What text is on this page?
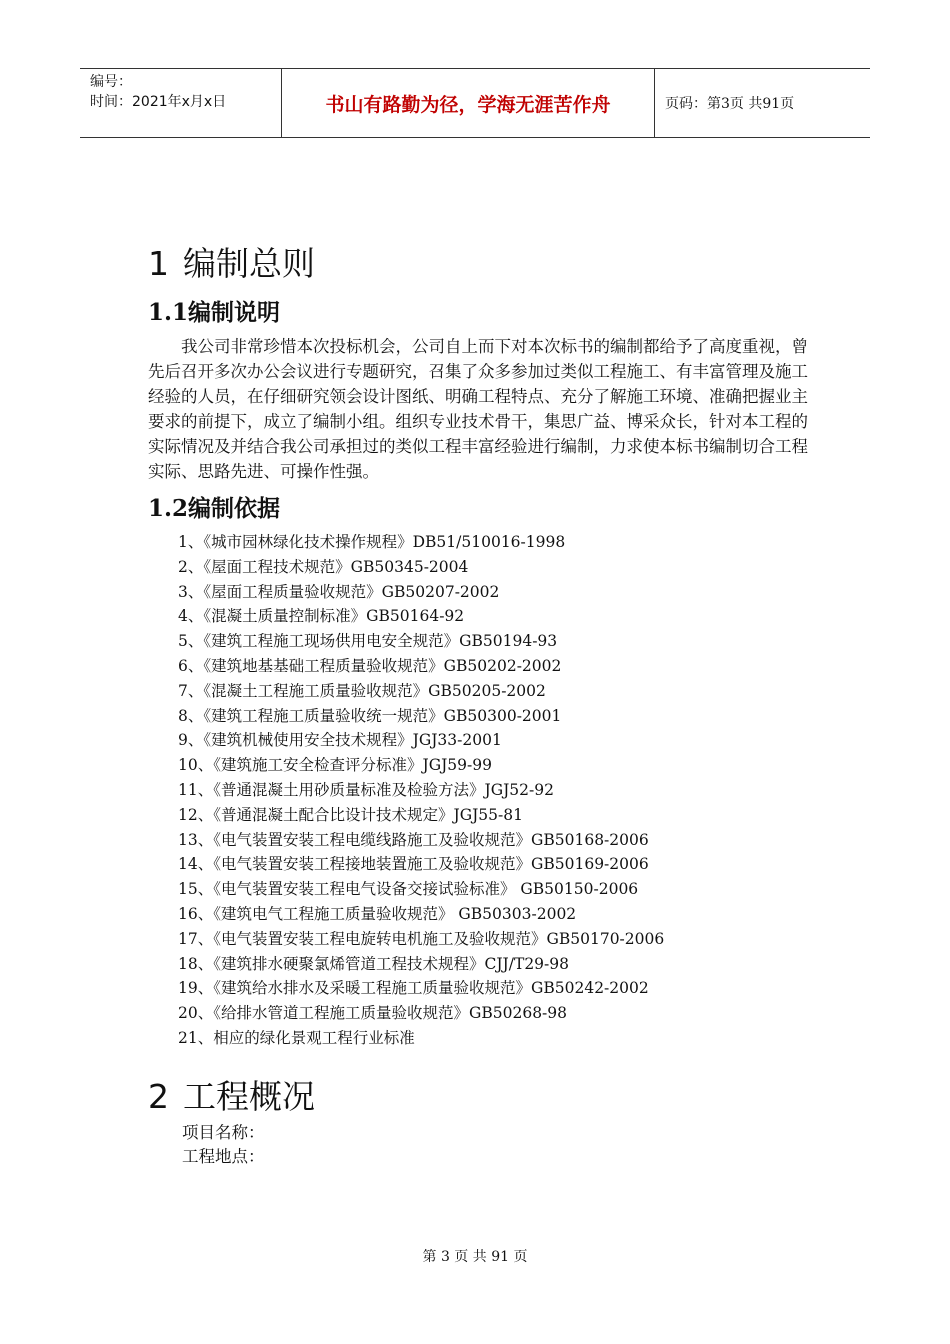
编号：
时间：2021年x月x日	书山有路勤为径，学海无涯苦作舟	页码：第3页 共91页
1 编制总则
1.1编制说明

我公司非常珍惜本次投标机会，公司自上而下对本次标书的编制都给予了高度重视，曾先后召开多次办公会议进行专题研究，召集了众多参加过类似工程施工、有丰富管理及施工经验的人员，在仔细研究领会设计图纸、明确工程特点、充分了解施工环境、准确把握业主要求的前提下，成立了编制小组。组织专业技术骨干，集思广益、博采众长，针对本工程的实际情况及并结合我公司承担过的类似工程丰富经验进行编制，力求使本标书编制切合工程实际、思路先进、可操作性强。

1.2编制依据
1、《城市园林绿化技术操作规程》DB51/510016-1998
2、《屋面工程技术规范》GB50345-2004
3、《屋面工程质量验收规范》GB50207-2002
4、《混凝土质量控制标准》GB50164-92
5、《建筑工程施工现场供用电安全规范》GB50194-93
6、《建筑地基基础工程质量验收规范》GB50202-2002
7、《混凝土工程施工质量验收规范》GB50205-2002
8、《建筑工程施工质量验收统一规范》GB50300-2001
9、《建筑机械使用安全技术规程》JGJ33-2001
10、《建筑施工安全检查评分标准》JGJ59-99
11、《普通混凝土用砂质量标准及检验方法》JGJ52-92
12、《普通混凝土配合比设计技术规定》JGJ55-81
13、《电气装置安装工程电缆线路施工及验收规范》GB50168-2006
14、《电气装置安装工程接地装置施工及验收规范》GB50169-2006
15、《电气装置安装工程电气设备交接试验标准》 GB50150-2006
16、《建筑电气工程施工质量验收规范》 GB50303-2002
17、《电气装置安装工程电旋转电机施工及验收规范》GB50170-2006
18、《建筑排水硬聚氯烯管道工程技术规程》CJJ/T29-98
19、《建筑给水排水及采暖工程施工质量验收规范》GB50242-2002
20、《给排水管道工程施工质量验收规范》GB50268-98
21、相应的绿化景观工程行业标准
2 工程概况
项目名称：
工程地点：
第 3 页 共 91 页
